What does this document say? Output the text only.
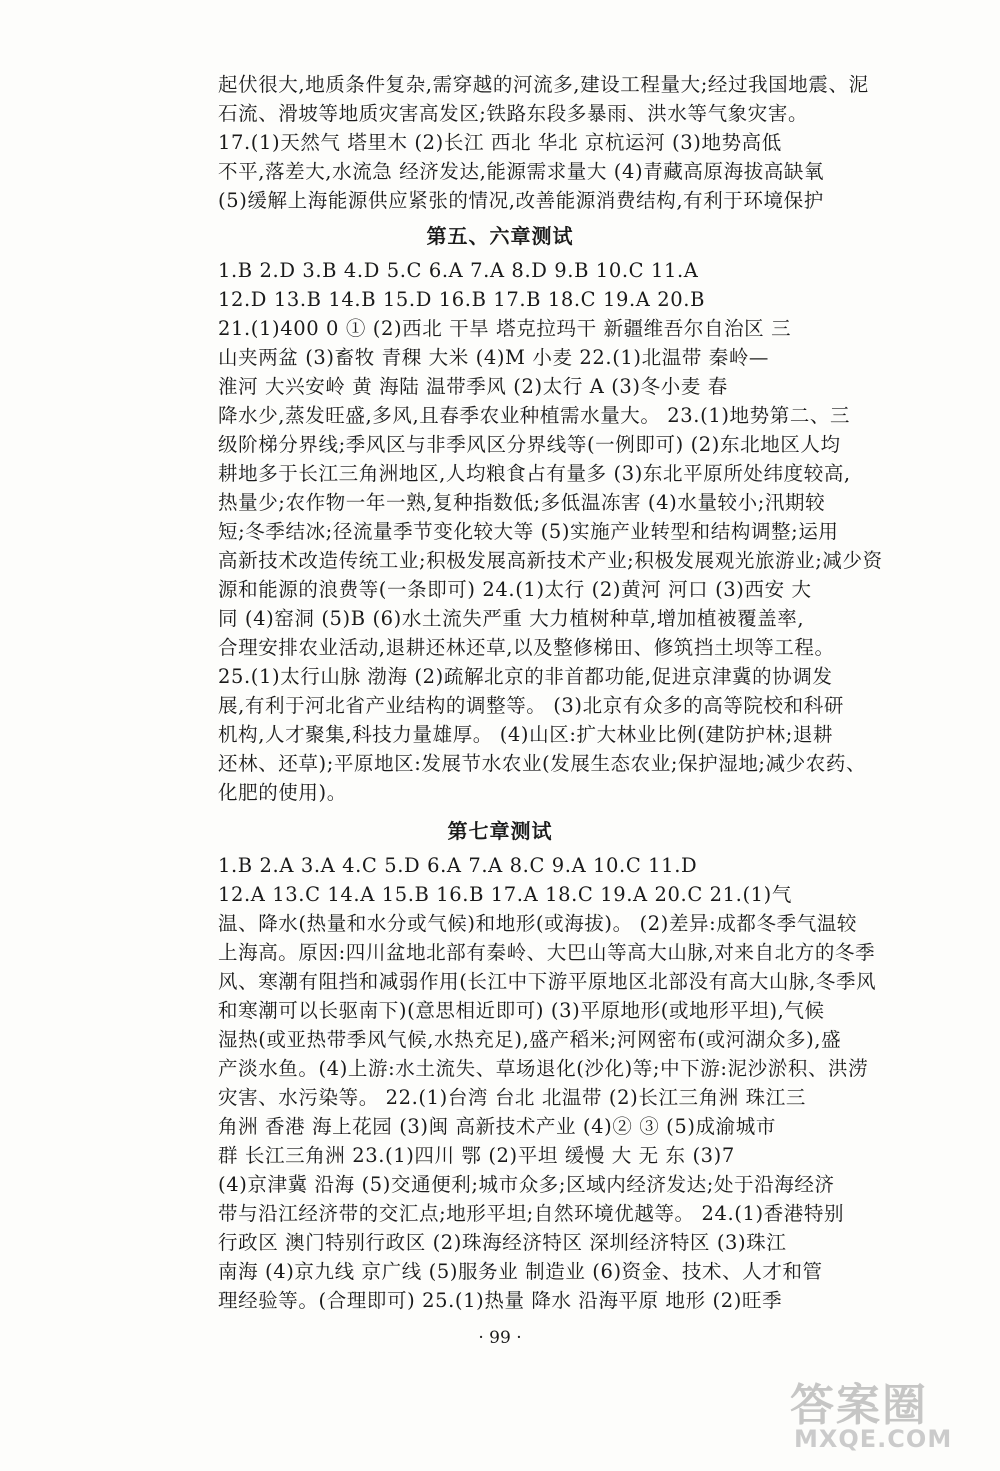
起伏很大,地质条件复杂,需穿越的河流多,建设工程量大;经过我国地震、泥
石流、滑坡等地质灾害高发区;铁路东段多暴雨、洪水等气象灾害。
17.(1)天然气 塔里木 (2)长江 西北 华北 京杭运河 (3)地势高低
不平,落差大,水流急 经济发达,能源需求量大 (4)青藏高原海拔高缺氧
(5)缓解上海能源供应紧张的情况,改善能源消费结构,有利于环境保护
第五、六章测试
1.B 2.D 3.B 4.D 5.C 6.A 7.A 8.D 9.B 10.C 11.A
12.D 13.B 14.B 15.D 16.B 17.B 18.C 19.A 20.B
21.(1)400 0 ① (2)西北 干旱 塔克拉玛干 新疆维吾尔自治区 三
山夹两盆 (3)畜牧 青稞 大米 (4)M 小麦 22.(1)北温带 秦岭—
淮河 大兴安岭 黄 海陆 温带季风 (2)太行 A (3)冬小麦 春
降水少,蒸发旺盛,多风,且春季农业种植需水量大。 23.(1)地势第二、三
级阶梯分界线;季风区与非季风区分界线等(一例即可) (2)东北地区人均
耕地多于长江三角洲地区,人均粮食占有量多 (3)东北平原所处纬度较高,
热量少;农作物一年一熟,复种指数低;多低温冻害 (4)水量较小;汛期较
短;冬季结冰;径流量季节变化较大等 (5)实施产业转型和结构调整;运用
高新技术改造传统工业;积极发展高新技术产业;积极发展观光旅游业;减少资
源和能源的浪费等(一条即可) 24.(1)太行 (2)黄河 河口 (3)西安 大
同 (4)窑洞 (5)B (6)水土流失严重 大力植树种草,增加植被覆盖率,
合理安排农业活动,退耕还林还草,以及整修梯田、修筑挡土坝等工程。
25.(1)太行山脉 渤海 (2)疏解北京的非首都功能,促进京津冀的协调发
展,有利于河北省产业结构的调整等。 (3)北京有众多的高等院校和科研
机构,人才聚集,科技力量雄厚。 (4)山区:扩大林业比例(建防护林;退耕
还林、还草);平原地区:发展节水农业(发展生态农业;保护湿地;减少农药、
化肥的使用)。
第七章测试
1.B 2.A 3.A 4.C 5.D 6.A 7.A 8.C 9.A 10.C 11.D
12.A 13.C 14.A 15.B 16.B 17.A 18.C 19.A 20.C 21.(1)气
温、降水(热量和水分或气候)和地形(或海拔)。 (2)差异:成都冬季气温较
上海高。原因:四川盆地北部有秦岭、大巴山等高大山脉,对来自北方的冬季
风、寒潮有阻挡和减弱作用(长江中下游平原地区北部没有高大山脉,冬季风
和寒潮可以长驱南下)(意思相近即可) (3)平原地形(或地形平坦),气候
湿热(或亚热带季风气候,水热充足),盛产稻米;河网密布(或河湖众多),盛
产淡水鱼。(4)上游:水土流失、草场退化(沙化)等;中下游:泥沙淤积、洪涝
灾害、水污染等。 22.(1)台湾 台北 北温带 (2)长江三角洲 珠江三
角洲 香港 海上花园 (3)闽 高新技术产业 (4)② ③ (5)成渝城市
群 长江三角洲 23.(1)四川 鄂 (2)平坦 缓慢 大 无 东 (3)7
(4)京津冀 沿海 (5)交通便利;城市众多;区域内经济发达;处于沿海经济
带与沿江经济带的交汇点;地形平坦;自然环境优越等。 24.(1)香港特别
行政区 澳门特别行政区 (2)珠海经济特区 深圳经济特区 (3)珠江
南海 (4)京九线 京广线 (5)服务业 制造业 (6)资金、技术、人才和管
理经验等。(合理即可) 25.(1)热量 降水 沿海平原 地形 (2)旺季
· 99 ·
答案圈
MXQE.COM
